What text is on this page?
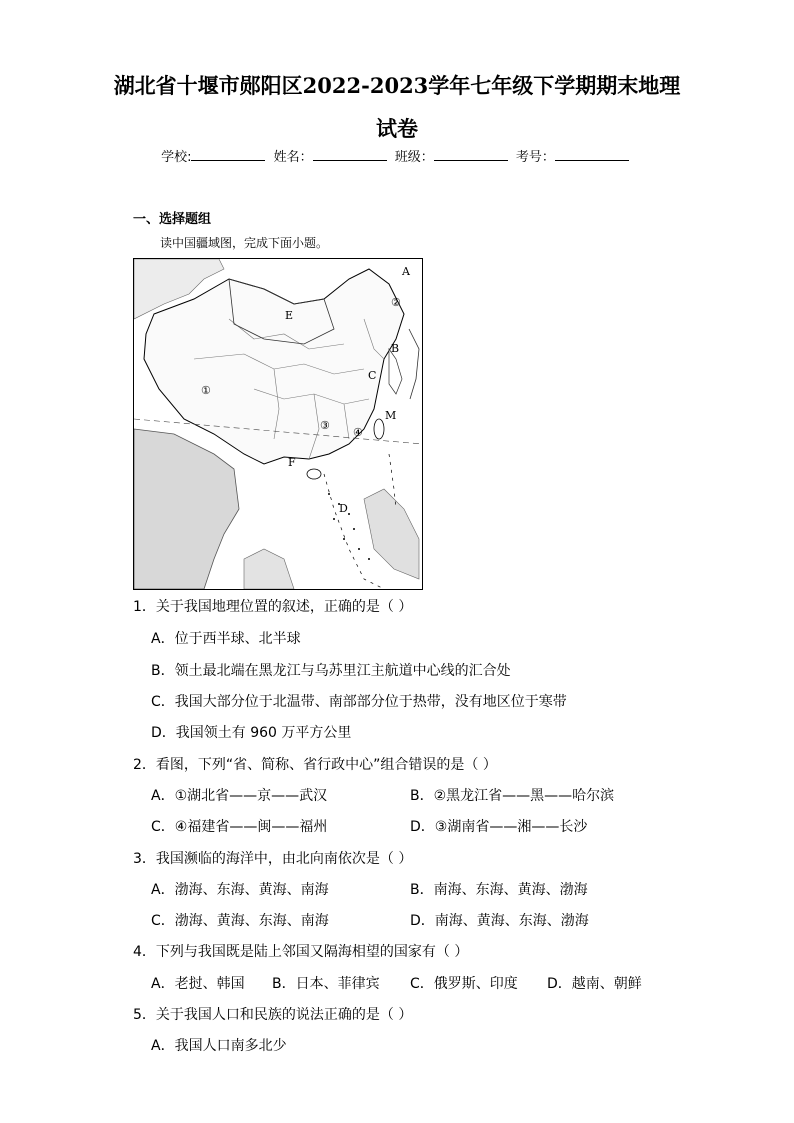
湖北省十堰市郧阳区2022-2023学年七年级下学期期末地理
试卷
学校:	姓名：	班级：	考号：
一、选择题组
读中国疆域图，完成下面小题。
A
②
E
B
C
①
M
③
④
F
D
1．关于我国地理位置的叙述，正确的是（ ）
A．位于西半球、北半球
B．领土最北端在黑龙江与乌苏里江主航道中心线的汇合处
C．我国大部分位于北温带、南部部分位于热带，没有地区位于寒带
D．我国领土有 960 万平方公里
2．看图，下列“省、简称、省行政中心”组合错误的是（ ）
A．①湖北省——京——武汉	B．②黑龙江省——黑——哈尔滨
C．④福建省——闽——福州	D．③湖南省——湘——长沙
3．我国濒临的海洋中，由北向南依次是（ ）
A．渤海、东海、黄海、南海	B．南海、东海、黄海、渤海
C．渤海、黄海、东海、南海	D．南海、黄海、东海、渤海
4．下列与我国既是陆上邻国又隔海相望的国家有（ ）
A．老挝、韩国 B．日本、菲律宾 C．俄罗斯、印度 D．越南、朝鲜
5．关于我国人口和民族的说法正确的是（ ）
A．我国人口南多北少
